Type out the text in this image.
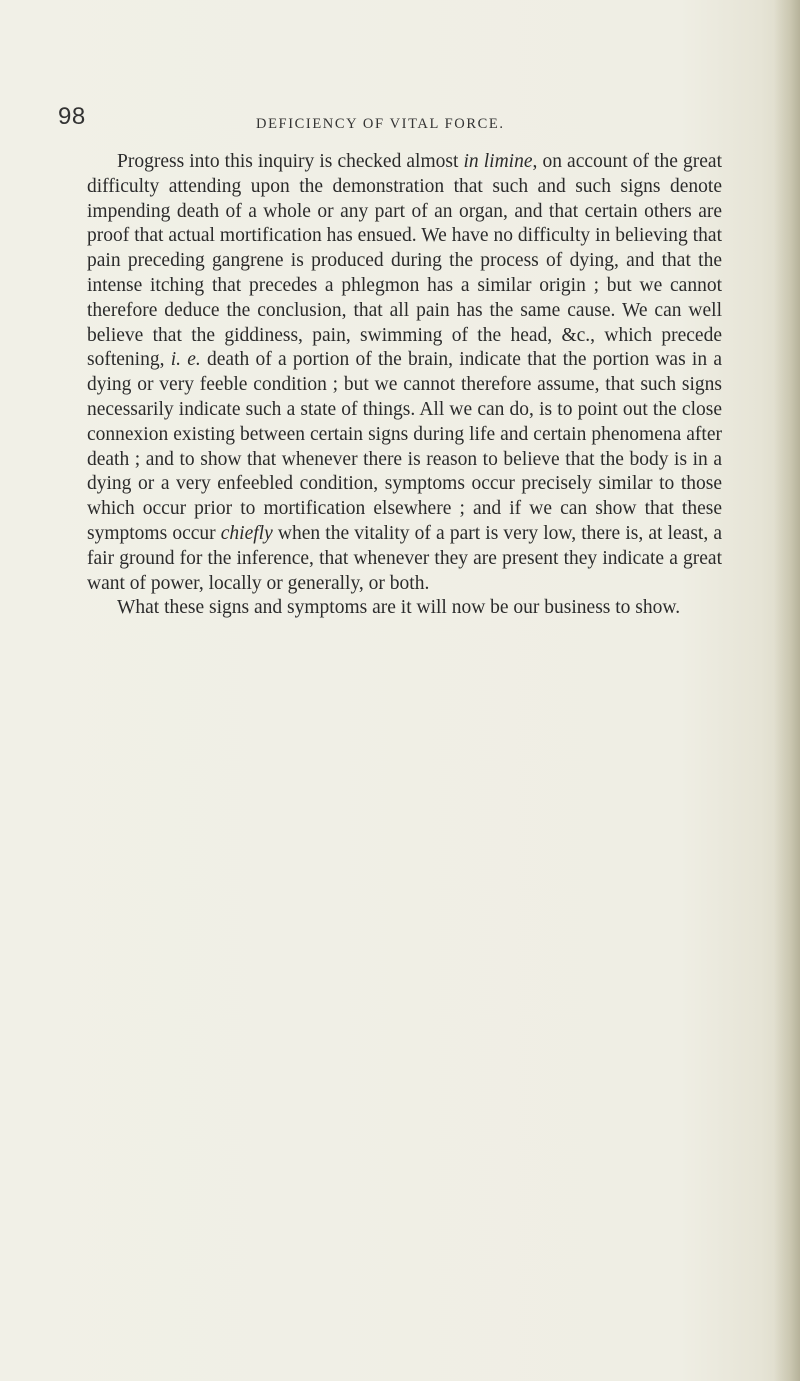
98	DEFICIENCY OF VITAL FORCE.

Progress into this inquiry is checked almost in limine, on account of the great difficulty attending upon the demonstration that such and such signs denote impending death of a whole or any part of an organ, and that certain others are proof that actual mortification has ensued. We have no difficulty in believing that pain preceding gangrene is produced during the process of dying, and that the intense itching that precedes a phlegmon has a similar origin ; but we cannot therefore deduce the conclusion, that all pain has the same cause. We can well believe that the giddiness, pain, swimming of the head, &c., which precede softening, i. e. death of a portion of the brain, indicate that the portion was in a dying or very feeble condition ; but we cannot therefore assume, that such signs necessarily indicate such a state of things. All we can do, is to point out the close connexion existing between certain signs during life and certain phenomena after death ; and to show that whenever there is reason to believe that the body is in a dying or a very enfeebled condition, symptoms occur precisely similar to those which occur prior to mortification elsewhere ; and if we can show that these symptoms occur chiefly when the vitality of a part is very low, there is, at least, a fair ground for the inference, that whenever they are present they indicate a great want of power, locally or generally, or both.

What these signs and symptoms are it will now be our business to show.
